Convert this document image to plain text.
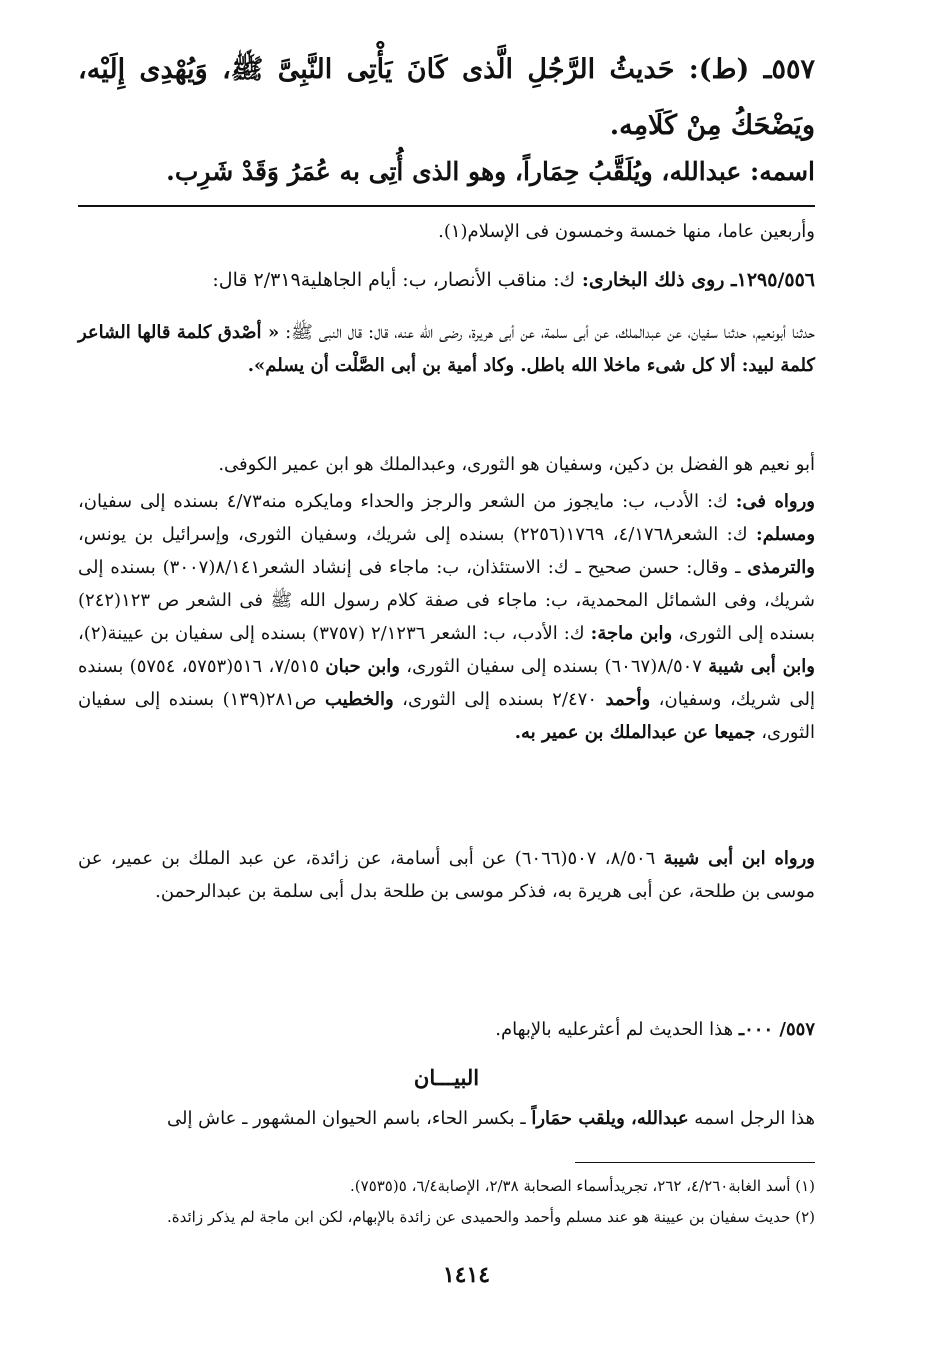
٥٥٧ـ (ط): حَديثُ الرَّجُلِ الَّذى كَانَ يَأْتِى النَّبِىَّ ﷺ، وَيُهْدِى إِلَيْه، ويَضْحَكُ مِنْ كَلَامِه.
اسمه: عبدالله، ويُلَقَّبُ حِمَاراً، وهو الذى أُتِى به عُمَرُ وَقَدْ شَرِب.
وأربعين عاما، منها خمسة وخمسون فى الإسلام(١).
١٢٩٥/٥٥٦ـ روى ذلك البخارى: ك: مناقب الأنصار، ب: أيام الجاهلية٢/٣١٩ قال:
حدثنا أبونعيم، حدثنا سفيان، عن عبدالملك، عن أبى سلمة، عن أبى هريرة، رضى الله عنه، قال: قال النبى ﷺ: « أصْدق كلمة قالها الشاعر كلمة لبيد: ألا كل شىء ماخلا الله باطل. وكاد أمية بن أبى الصَّلْت أن يسلم».
أبو نعيم هو الفضل بن دكين، وسفيان هو الثورى، وعبدالملك هو ابن عمير الكوفى.
ورواه فى: ك: الأدب، ب: مايجوز من الشعر والرجز والحداء ومايكره منه٤/٧٣ بسنده إلى سفيان، ومسلم: ك: الشعر٤/١٧٦٨، ١٧٦٩(٢٢٥٦) بسنده إلى شريك، وسفيان الثورى، وإسرائيل بن يونس، والترمذى ـ وقال: حسن صحيح ـ ك: الاستئذان، ب: ماجاء فى إنشاد الشعر٨/١٤١(٣٠٠٧) بسنده إلى شريك، وفى الشمائل المحمدية، ب: ماجاء فى صفة كلام رسول الله ﷺ فى الشعر ص ١٢٣(٢٤٢) بسنده إلى الثورى، وابن ماجة: ك: الأدب، ب: الشعر ٢/١٢٣٦ (٣٧٥٧) بسنده إلى سفيان بن عيينة(٢)، وابن أبى شيبة ٨/٥٠٧(٦٠٦٧) بسنده إلى سفيان الثورى، وابن حبان ٧/٥١٥، ٥١٦(٥٧٥٣، ٥٧٥٤) بسنده إلى شريك، وسفيان، وأحمد ٢/٤٧٠ بسنده إلى الثورى، والخطيب ص٢٨١(١٣٩) بسنده إلى سفيان الثورى، جميعا عن عبدالملك بن عمير به.
ورواه ابن أبى شيبة ٨/٥٠٦، ٥٠٧(٦٠٦٦) عن أبى أسامة، عن زائدة، عن عبد الملك بن عمير، عن موسى بن طلحة، عن أبى هريرة به، فذكر موسى بن طلحة بدل أبى سلمة بن عبدالرحمن.
٥٥٧/ ٠٠٠ـ هذا الحديث لم أعثرعليه بالإبهام.
البيـــان
هذا الرجل اسمه عبدالله، ويلقب حمَاراً ـ بكسر الحاء، باسم الحيوان المشهور ـ عاش إلى
(١) أسد الغابة٤/٢٦٠، ٢٦٢، تجريدأسماء الصحابة ٢/٣٨، الإصابة٦/٤، ٥(٧٥٣٥).
(٢) حديث سفيان بن عيينة هو عند مسلم وأحمد والحميدى عن زائدة بالإبهام، لكن ابن ماجة لم يذكر زائدة.
١٤١٤
